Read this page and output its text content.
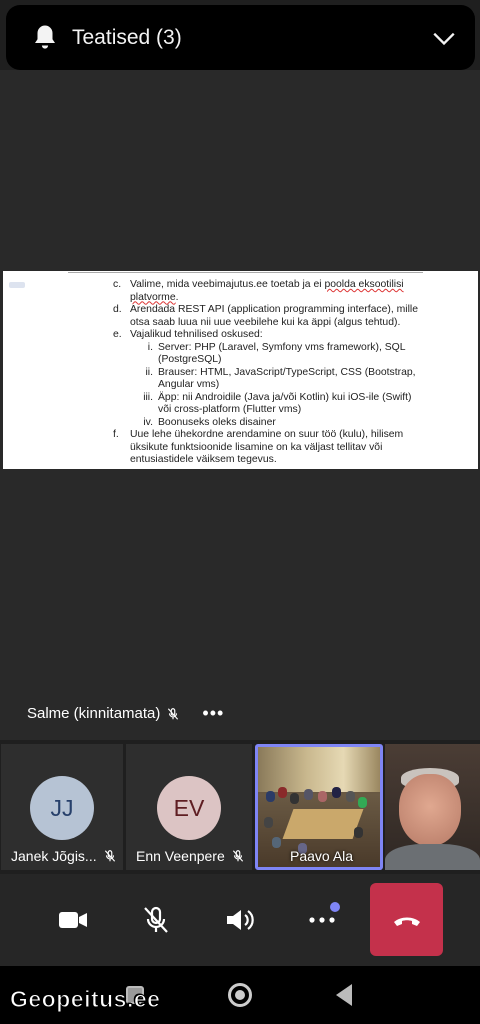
Teatised (3)
c. Valime, mida veebimajutus.ee toetab ja ei poolda eksootilisi platvorme.
d. Arendada REST API (application programming interface), mille otsa saab luua nii uue veebilehe kui ka äppi (algus tehtud).
e. Vajalikud tehnilised oskused:
i. Server: PHP (Laravel, Symfony vms framework), SQL (PostgreSQL)
ii. Brauser: HTML, JavaScript/TypeScript, CSS (Bootstrap, Angular vms)
iii. Äpp: nii Androidile (Java ja/või Kotlin) kui iOS-ile (Swift) või cross-platform (Flutter vms)
iv. Boonuseks oleks disainer
f. Uue lehe ühekordne arendamine on suur töö (kulu), hilisem üksikute funktsioonide lisamine on ka väljast tellitav või entusiastidele väiksem tegevus.
Salme (kinnitamata) •••
JJ
Janek Jõgis...
EV
Enn Veenpere	Paavo Ala
Geopeitus.ee
